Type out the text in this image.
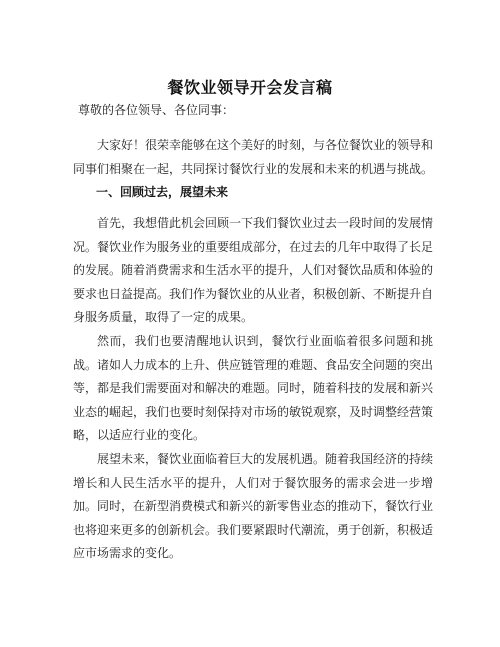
餐饮业领导开会发言稿
尊敬的各位领导、各位同事：
大家好！很荣幸能够在这个美好的时刻，与各位餐饮业的领导和同事们相聚在一起，共同探讨餐饮行业的发展和未来的机遇与挑战。
一、回顾过去，展望未来
首先，我想借此机会回顾一下我们餐饮业过去一段时间的发展情况。餐饮业作为服务业的重要组成部分，在过去的几年中取得了长足的发展。随着消费需求和生活水平的提升，人们对餐饮品质和体验的要求也日益提高。我们作为餐饮业的从业者，积极创新、不断提升自身服务质量，取得了一定的成果。
然而，我们也要清醒地认识到，餐饮行业面临着很多问题和挑战。诸如人力成本的上升、供应链管理的难题、食品安全问题的突出等，都是我们需要面对和解决的难题。同时，随着科技的发展和新兴业态的崛起，我们也要时刻保持对市场的敏锐观察，及时调整经营策略，以适应行业的变化。
展望未来，餐饮业面临着巨大的发展机遇。随着我国经济的持续增长和人民生活水平的提升，人们对于餐饮服务的需求会进一步增加。同时，在新型消费模式和新兴的新零售业态的推动下，餐饮行业也将迎来更多的创新机会。我们要紧跟时代潮流，勇于创新，积极适应市场需求的变化。
